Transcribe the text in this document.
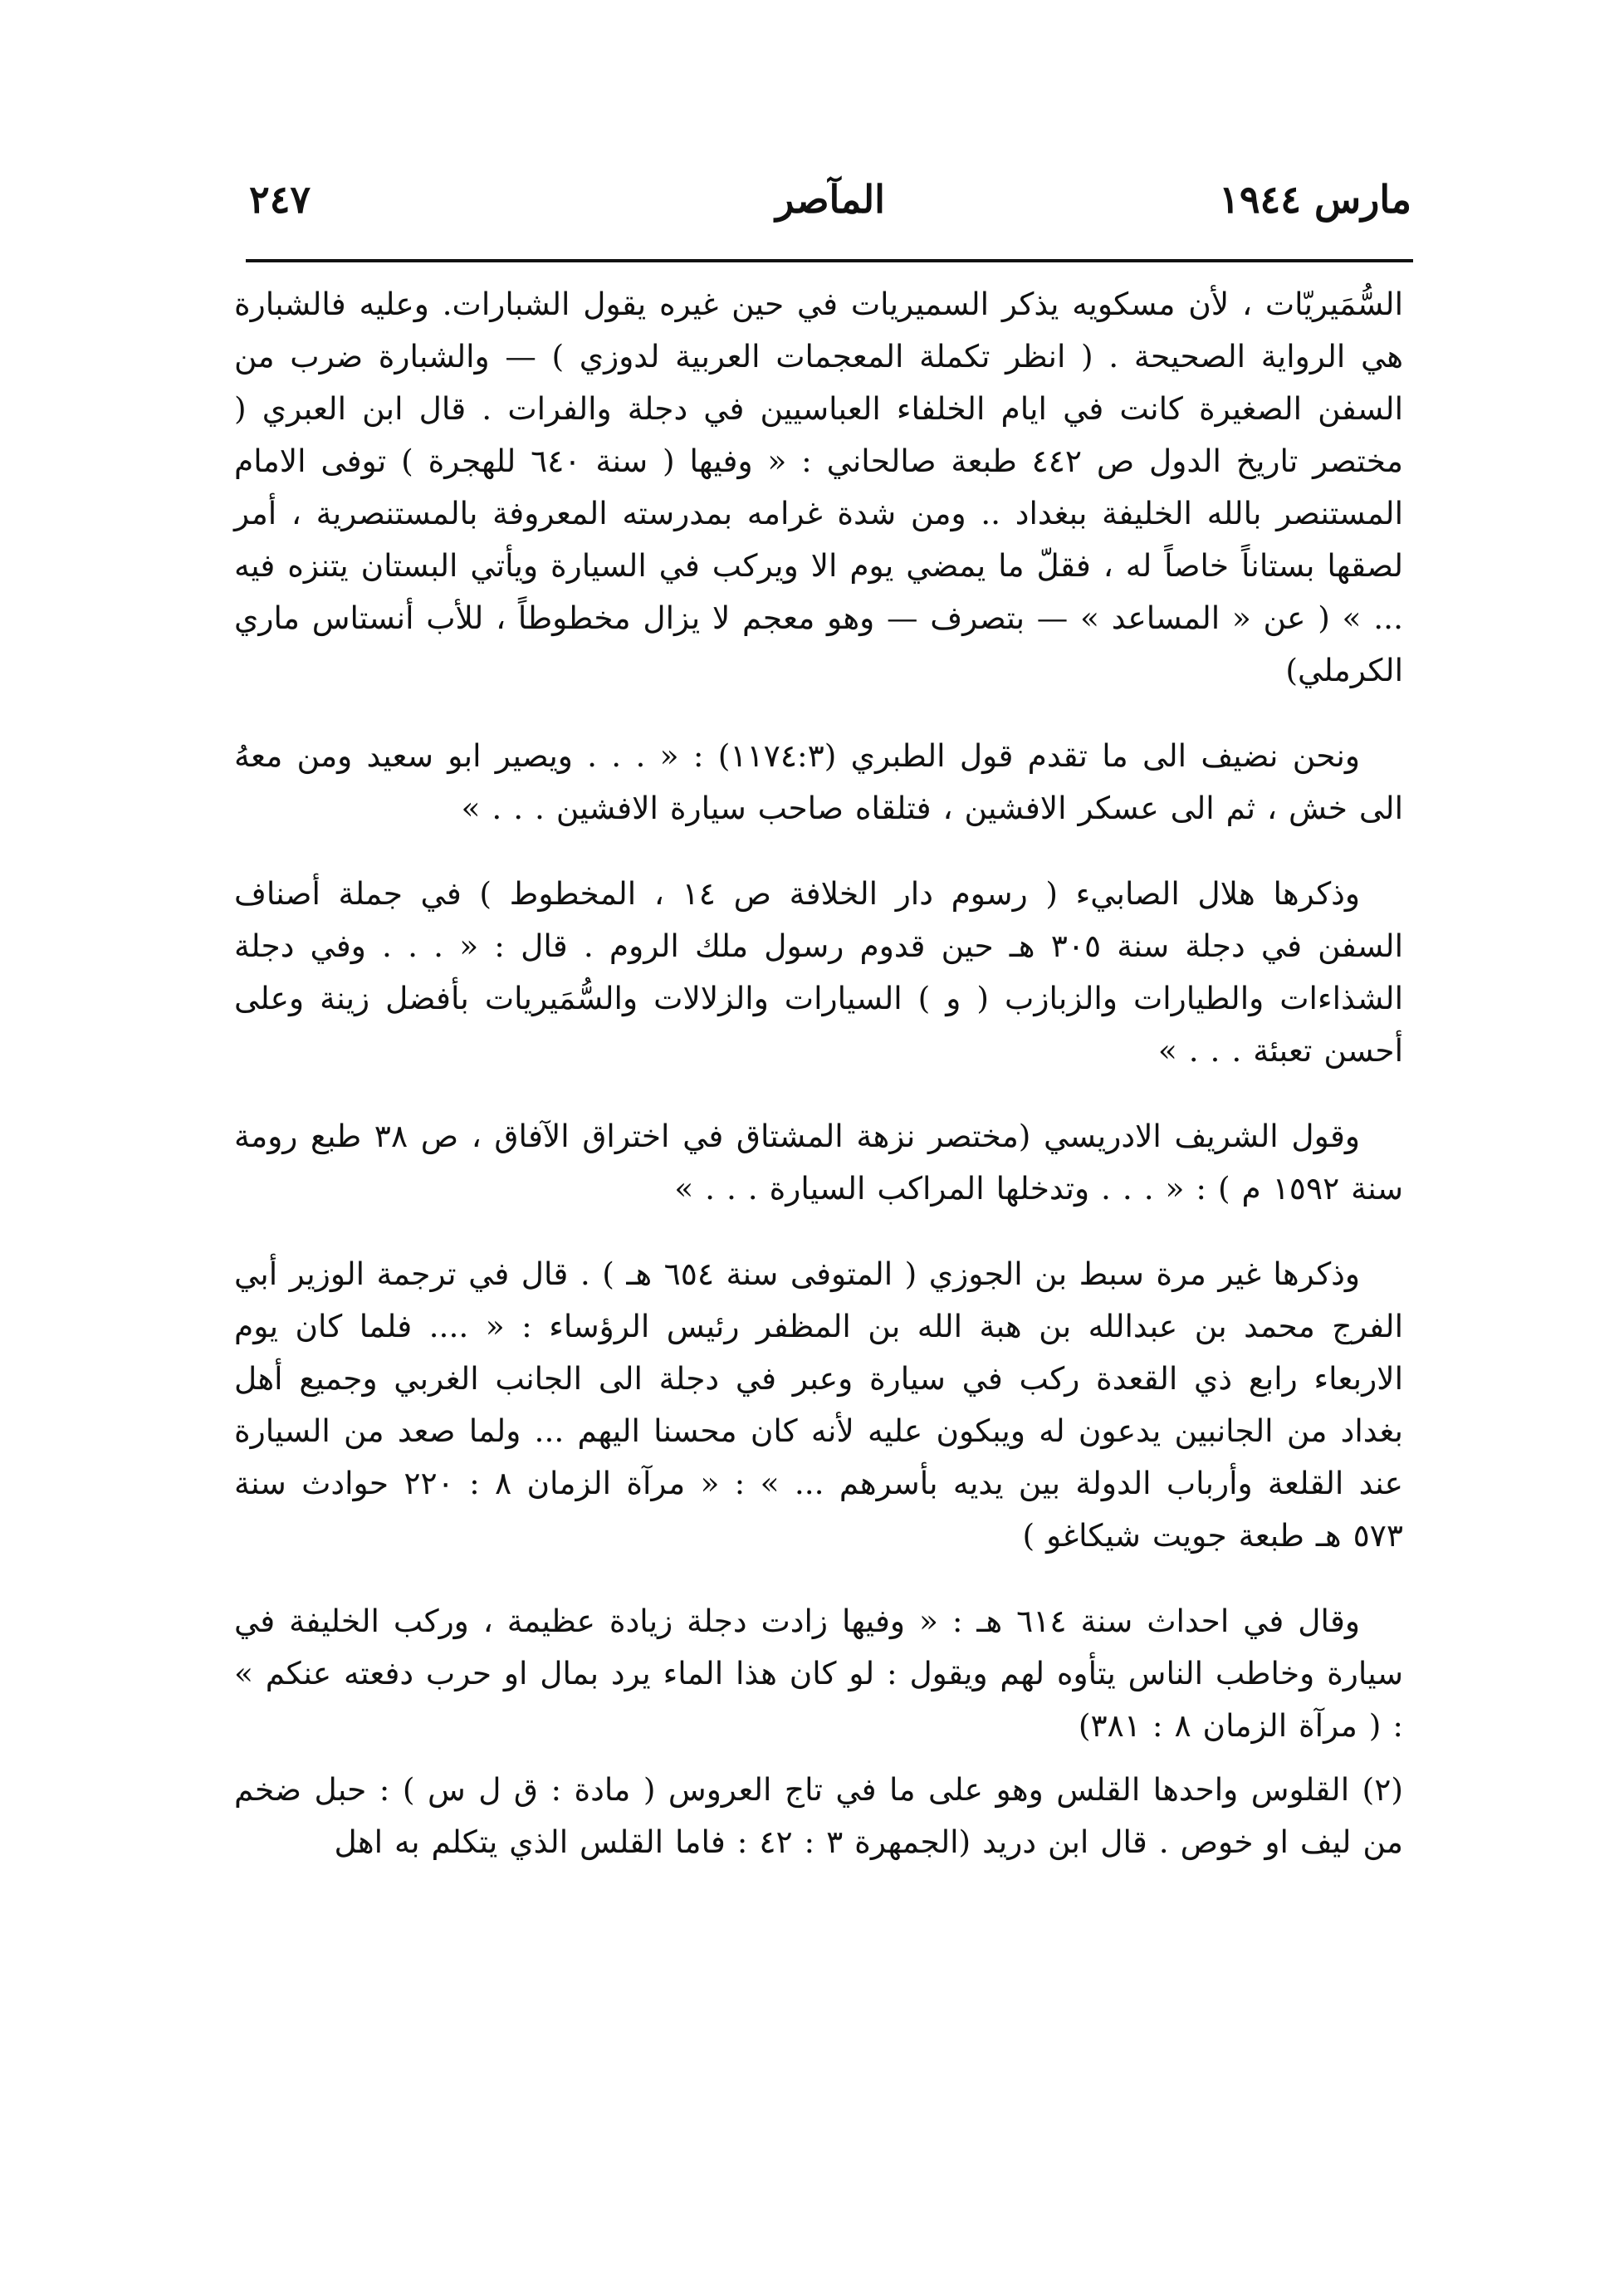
مارس ١٩٤٤
المآصر
٢٤٧

السُّمَيريّات ، لأن مسكويه يذكر السميريات في حين غيره يقول الشبارات. وعليه فالشبارة هي الرواية الصحيحة . ( انظر تكملة المعجمات العربية لدوزي ) — والشبارة ضرب من السفن الصغيرة كانت في ايام الخلفاء العباسيين في دجلة والفرات . قال ابن العبري ( مختصر تاريخ الدول ص ٤٤٢ طبعة صالحاني : « وفيها ( سنة ٦٤٠ للهجرة ) توفى الامام المستنصر بالله الخليفة ببغداد .. ومن شدة غرامه بمدرسته المعروفة بالمستنصرية ، أمر لصقها بستاناً خاصاً له ، فقلّ ما يمضي يوم الا ويركب في السيارة ويأتي البستان يتنزه فيه ... » ( عن « المساعد » — بتصرف — وهو معجم لا يزال مخطوطاً ، للأب أنستاس ماري الكرملي)

ونحن نضيف الى ما تقدم قول الطبري (١١٧٤:٣) : « . . . ويصير ابو سعيد ومن معهُ الى خش ، ثم الى عسكر الافشين ، فتلقاه صاحب سيارة الافشين . . . »

وذكرها هلال الصابيء ( رسوم دار الخلافة ص ١٤ ، المخطوط ) في جملة أصناف السفن في دجلة سنة ٣٠٥ هـ حين قدوم رسول ملك الروم . قال : « . . . وفي دجلة الشذاءات والطيارات والزبازب ( و ) السيارات والزلالات والسُّمَيريات بأفضل زينة وعلى أحسن تعبئة . . . »

وقول الشريف الادريسي (مختصر نزهة المشتاق في اختراق الآفاق ، ص ٣٨ طبع رومة سنة ١٥٩٢ م ) : « . . . وتدخلها المراكب السيارة . . . »

وذكرها غير مرة سبط بن الجوزي ( المتوفى سنة ٦٥٤ هـ ) . قال في ترجمة الوزير أبي الفرج محمد بن عبدالله بن هبة الله بن المظفر رئيس الرؤساء : « .... فلما كان يوم الاربعاء رابع ذي القعدة ركب في سيارة وعبر في دجلة الى الجانب الغربي وجميع أهل بغداد من الجانبين يدعون له ويبكون عليه لأنه كان محسنا اليهم ... ولما صعد من السيارة عند القلعة وأرباب الدولة بين يديه بأسرهم ... » : « مرآة الزمان ٨ : ٢٢٠ حوادث سنة ٥٧٣ هـ طبعة جويت شيكاغو )

وقال في احداث سنة ٦١٤ هـ : « وفيها زادت دجلة زيادة عظيمة ، وركب الخليفة في سيارة وخاطب الناس يتأوه لهم ويقول : لو كان هذا الماء يرد بمال او حرب دفعته عنكم » : ( مرآة الزمان ٨ : ٣٨١)

(٢) القلوس واحدها القلس وهو على ما في تاج العروس ( مادة : ق ل س ) : حبل ضخم من ليف او خوص . قال ابن دريد (الجمهرة ٣ : ٤٢ : فاما القلس الذي يتكلم به اهل
